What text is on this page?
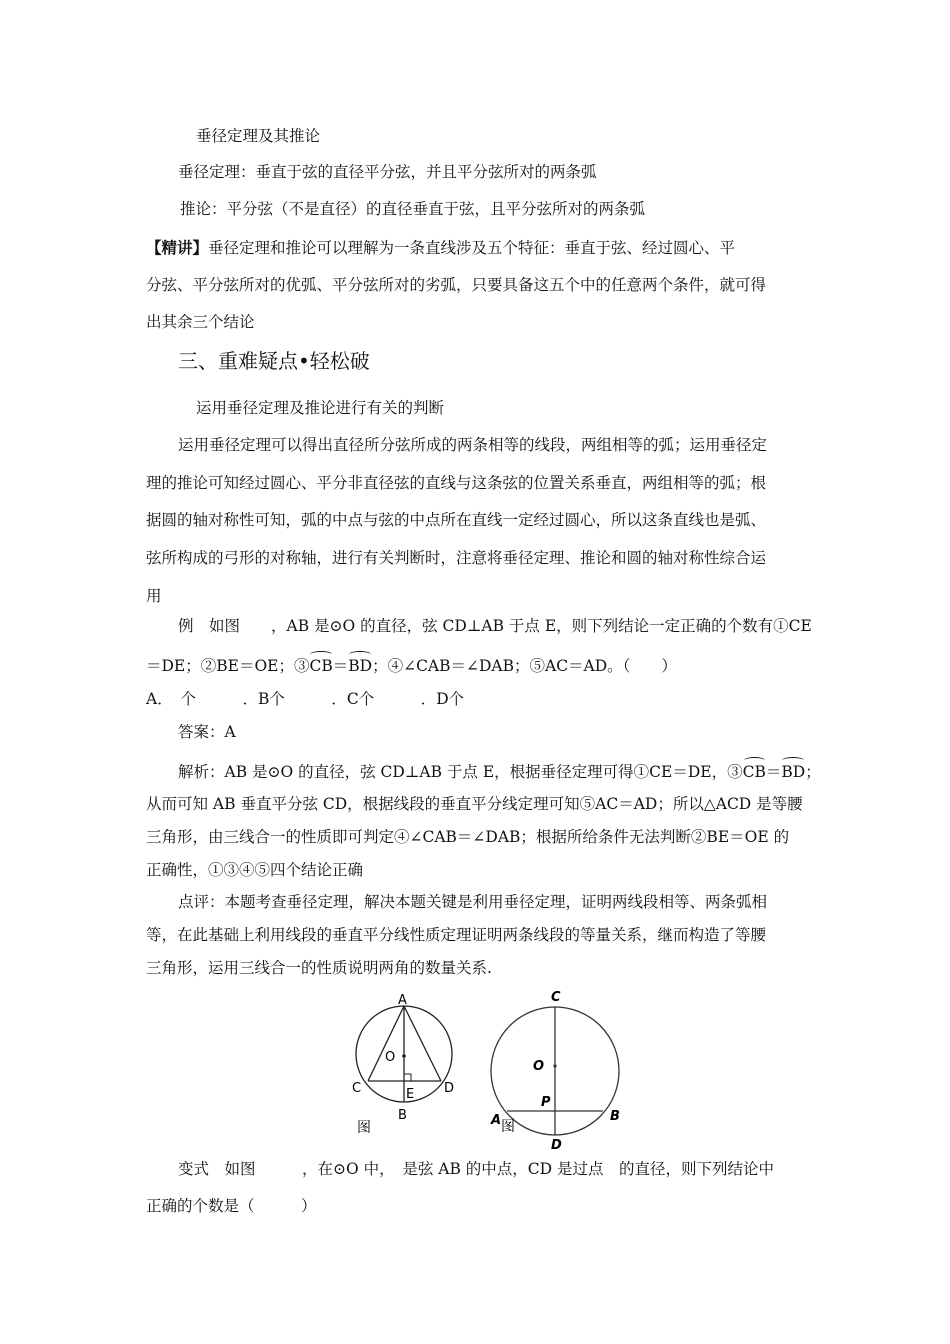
垂径定理及其推论
垂径定理：垂直于弦的直径平分弦，并且平分弦所对的两条弧
推论：平分弦（不是直径）的直径垂直于弦，且平分弦所对的两条弧
【精讲】垂径定理和推论可以理解为一条直线涉及五个特征：垂直于弦、经过圆心、平
分弦、平分弦所对的优弧、平分弦所对的劣弧，只要具备这五个中的任意两个条件，就可得
出其余三个结论
三、重难疑点•轻松破
运用垂径定理及推论进行有关的判断
运用垂径定理可以得出直径所分弦所成的两条相等的线段，两组相等的弧；运用垂径定
理的推论可知经过圆心、平分非直径弦的直线与这条弦的位置关系垂直，两组相等的弧；根
据圆的轴对称性可知，弧的中点与弦的中点所在直线一定经过圆心，所以这条直线也是弧、
弦所构成的弓形的对称轴，进行有关判断时，注意将垂径定理、推论和圆的轴对称性综合运
用
例　如图　　，AB 是⊙O 的直径，弦 CD⊥AB 于点 E，则下列结论一定正确的个数有①CE
＝DE；②BE＝OE；③CB＝BD；④∠CAB＝∠DAB；⑤AC＝AD。（　　）
A．　个　　　．B个　　　．C个　　　．D个
答案：A
解析：AB 是⊙O 的直径，弦 CD⊥AB 于点 E，根据垂径定理可得①CE＝DE，③CB＝BD；
从而可知 AB 垂直平分弦 CD，根据线段的垂直平分线定理可知⑤AC＝AD；所以△ACD 是等腰
三角形，由三线合一的性质即可判定④∠CAB＝∠DAB；根据所给条件无法判断②BE＝OE 的
正确性，①③④⑤四个结论正确
点评：本题考查垂径定理，解决本题关键是利用垂径定理，证明两线段相等、两条弧相
等，在此基础上利用线段的垂直平分线性质定理证明两条线段的等量关系，继而构造了等腰
三角形，运用三线合一的性质说明两角的数量关系.
A
O
C	D
E
B
图
C
O
P
B
A
D
图
变式　如图　　　，在⊙O 中，　是弦 AB 的中点，CD 是过点　的直径，则下列结论中
正确的个数是（　　　）
